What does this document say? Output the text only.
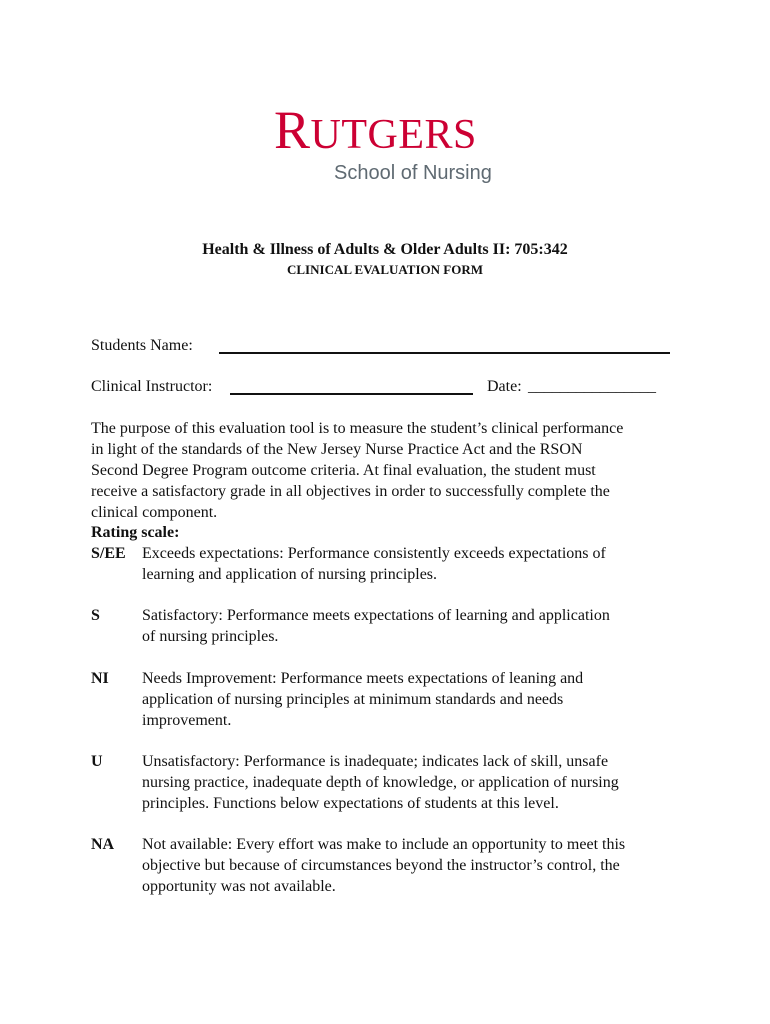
RUTGERS
School of Nursing
Health & Illness of Adults & Older Adults II: 705:342
CLINICAL EVALUATION FORM
Students Name:
Clinical Instructor:	Date: ________________
The purpose of this evaluation tool is to measure the student’s clinical performance
in light of the standards of the New Jersey Nurse Practice Act and the RSON
Second Degree Program outcome criteria. At final evaluation, the student must
receive a satisfactory grade in all objectives in order to successfully complete the
clinical component.
Rating scale:
S/EE Exceeds expectations: Performance consistently exceeds expectations of
learning and application of nursing principles.
S	Satisfactory: Performance meets expectations of learning and application
of nursing principles.
NI Needs Improvement: Performance meets expectations of leaning and
application of nursing principles at minimum standards and needs
improvement.
U Unsatisfactory: Performance is inadequate; indicates lack of skill, unsafe
nursing practice, inadequate depth of knowledge, or application of nursing
principles. Functions below expectations of students at this level.
NA Not available: Every effort was make to include an opportunity to meet this
objective but because of circumstances beyond the instructor’s control, the
opportunity was not available.
